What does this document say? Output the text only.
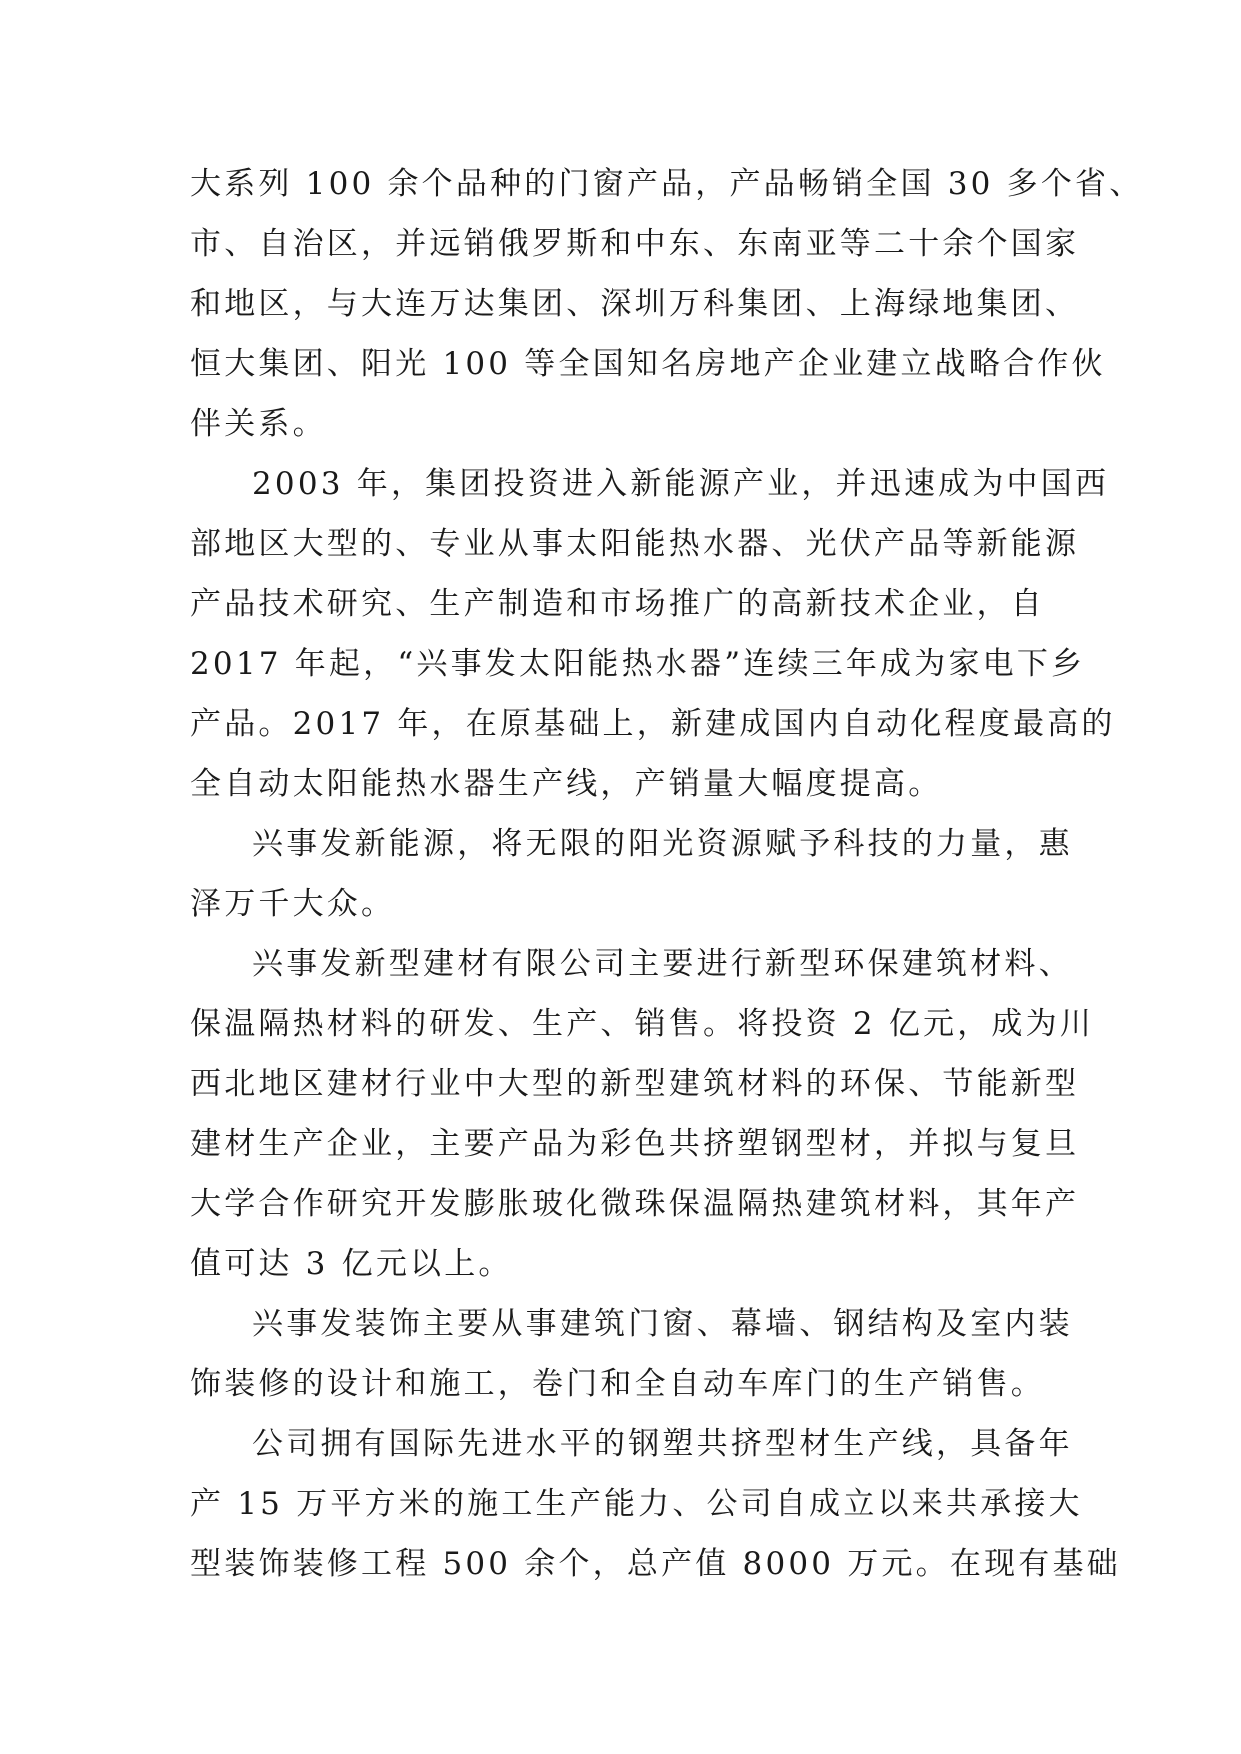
大系列 100 余个品种的门窗产品，产品畅销全国 30 多个省、
市、自治区，并远销俄罗斯和中东、东南亚等二十余个国家
和地区，与大连万达集团、深圳万科集团、上海绿地集团、
恒大集团、阳光 100 等全国知名房地产企业建立战略合作伙
伴关系。
2003 年，集团投资进入新能源产业，并迅速成为中国西
部地区大型的、专业从事太阳能热水器、光伏产品等新能源
产品技术研究、生产制造和市场推广的高新技术企业，自
2017 年起，“兴事发太阳能热水器”连续三年成为家电下乡
产品。2017 年，在原基础上，新建成国内自动化程度最高的
全自动太阳能热水器生产线，产销量大幅度提高。
兴事发新能源，将无限的阳光资源赋予科技的力量，惠
泽万千大众。
兴事发新型建材有限公司主要进行新型环保建筑材料、
保温隔热材料的研发、生产、销售。将投资 2 亿元，成为川
西北地区建材行业中大型的新型建筑材料的环保、节能新型
建材生产企业，主要产品为彩色共挤塑钢型材，并拟与复旦
大学合作研究开发膨胀玻化微珠保温隔热建筑材料，其年产
值可达 3 亿元以上。
兴事发装饰主要从事建筑门窗、幕墙、钢结构及室内装
饰装修的设计和施工，卷门和全自动车库门的生产销售。
公司拥有国际先进水平的钢塑共挤型材生产线，具备年
产 15 万平方米的施工生产能力、公司自成立以来共承接大
型装饰装修工程 500 余个，总产值 8000 万元。在现有基础
